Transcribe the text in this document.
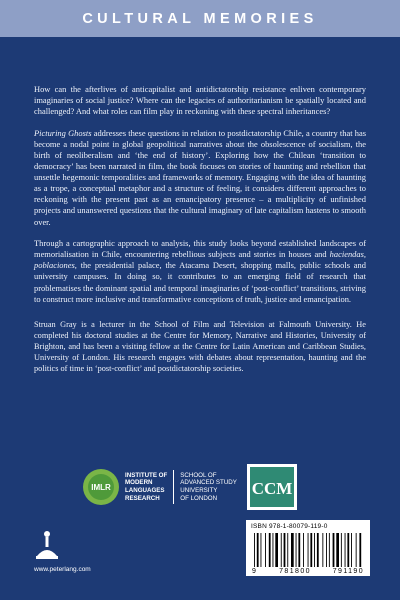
CULTURAL MEMORIES

How can the afterlives of anticapitalist and antidictatorship resistance enliven contemporary imaginaries of social justice? Where can the legacies of authoritarianism be spatially located and challenged? And what roles can film play in reckoning with these spectral inheritances?

Picturing Ghosts addresses these questions in relation to postdictatorship Chile, a country that has become a nodal point in global geopolitical narratives about the obsolescence of socialism, the birth of neoliberalism and ‘the end of history’. Exploring how the Chilean ‘transition to democracy’ has been narrated in film, the book focuses on stories of haunting and rebellion that unsettle hegemonic temporalities and frameworks of memory. Engaging with the idea of haunting as a trope, a conceptual metaphor and a structure of feeling, it considers different approaches to reckoning with the present past as an emancipatory presence – a multiplicity of unfinished projects and unanswered questions that the cultural imaginary of late capitalism hastens to smooth over.

Through a cartographic approach to analysis, this study looks beyond established landscapes of memorialisation in Chile, encountering rebellious subjects and stories in houses and haciendas, poblaciones, the presidential palace, the Atacama Desert, shopping malls, public schools and university campuses. In doing so, it contributes to an emerging field of research that problematises the dominant spatial and temporal imaginaries of ‘post-conflict’ transitions, striving to construct more inclusive and transformative conceptions of truth, justice and emancipation.

Struan Gray is a lecturer in the School of Film and Television at Falmouth University. He completed his doctoral studies at the Centre for Memory, Narrative and Histories, University of Brighton, and has been a visiting fellow at the Centre for Latin American and Caribbean Studies, University of London. His research engages with debates about representation, haunting and the politics of time in ‘post-conflict’ and postdictatorship societies.

IMLR
INSTITUTE OF
MODERN
LANGUAGES
RESEARCH
SCHOOL OF
ADVANCED STUDY
UNIVERSITY
OF LONDON
CCM
www.peterlang.com
ISBN 978-1-80079-119-0
9	781800	791190
